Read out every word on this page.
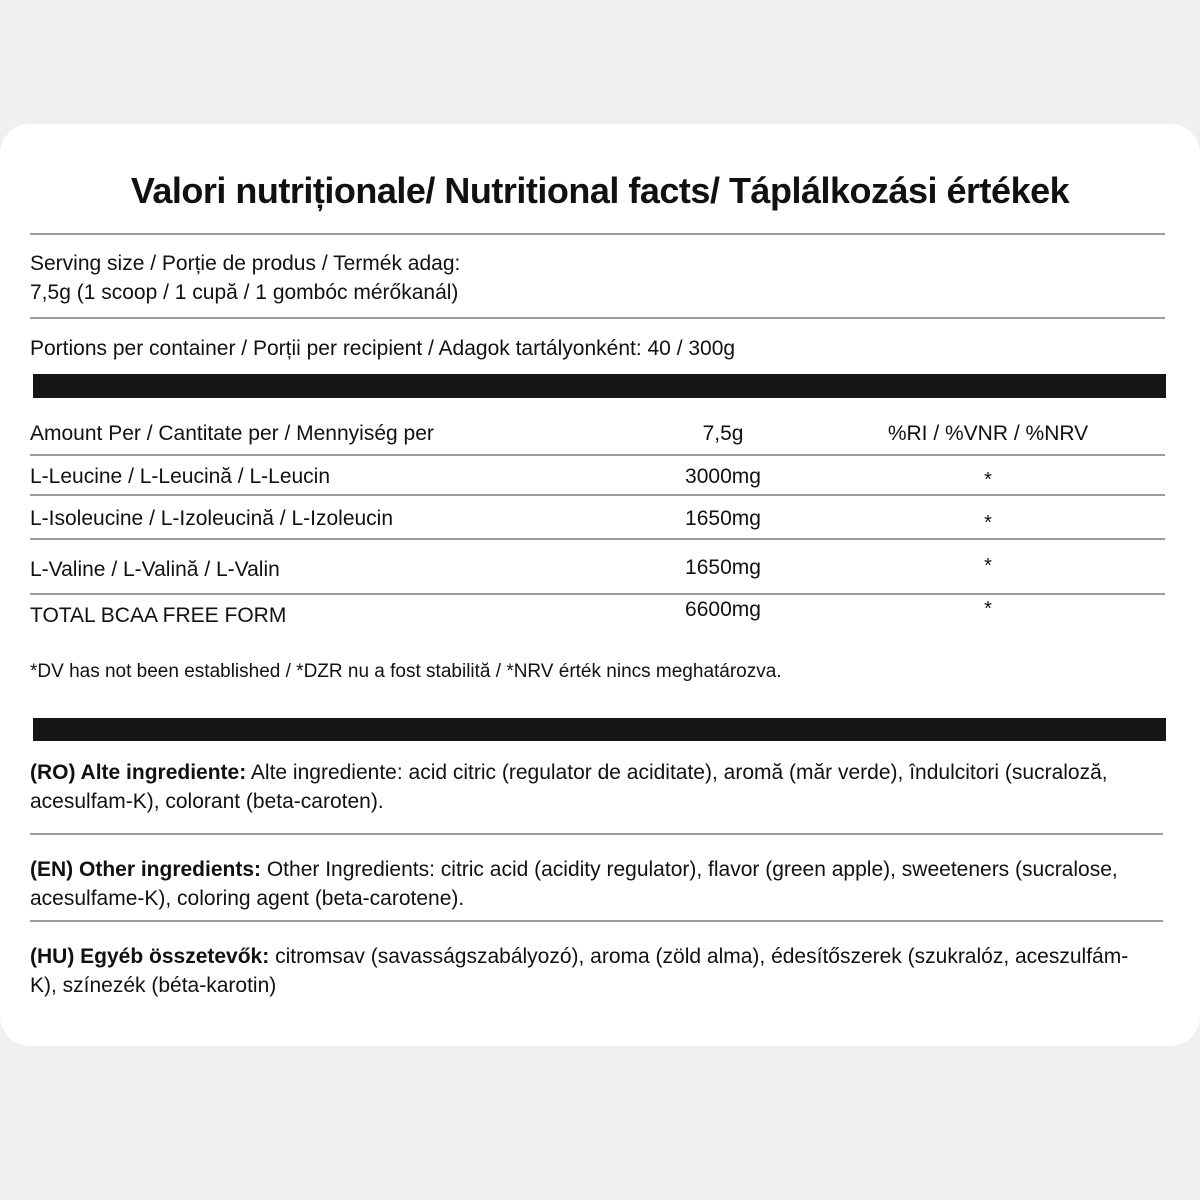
Valori nutriționale/ Nutritional facts/ Táplálkozási értékek
Serving size / Porție de produs / Termék adag:
7,5g (1 scoop / 1 cupă / 1 gombóc mérőkanál)
Portions per container / Porții per recipient / Adagok tartályonként: 40 / 300g
Amount Per / Cantitate per / Mennyiség per	7,5g	%RI / %VNR / %NRV
L-Leucine / L-Leucină / L-Leucin	3000mg	*
L-Isoleucine / L-Izoleucină / L-Izoleucin	1650mg	*
L-Valine / L-Valină / L-Valin	1650mg	*
TOTAL BCAA FREE FORM	6600mg	*
*DV has not been established / *DZR nu a fost stabilită / *NRV érték nincs meghatározva.
(RO) Alte ingrediente: Alte ingrediente: acid citric (regulator de aciditate), aromă (măr verde), îndulcitori (sucraloză, acesulfam-K), colorant (beta-caroten).
(EN) Other ingredients: Other Ingredients: citric acid (acidity regulator), flavor (green apple), sweeteners (sucralose, acesulfame-K), coloring agent (beta-carotene).
(HU) Egyéb összetevők: citromsav (savasságszabályozó), aroma (zöld alma), édesítőszerek (szukralóz, aceszulfám-K), színezék (béta-karotin)
